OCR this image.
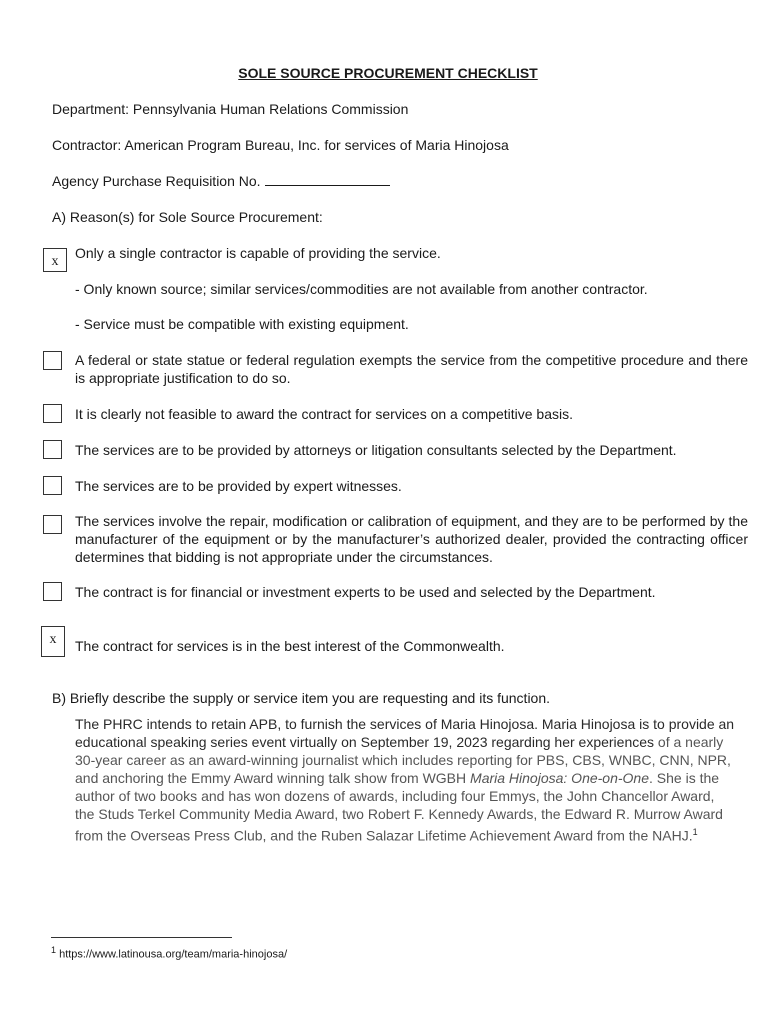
SOLE SOURCE PROCUREMENT CHECKLIST
Department: Pennsylvania Human Relations Commission
Contractor: American Program Bureau, Inc. for services of Maria Hinojosa
Agency Purchase Requisition No.
A) Reason(s) for Sole Source Procurement:
x
Only a single contractor is capable of providing the service.
- Only known source; similar services/commodities are not available from another contractor.
- Service must be compatible with existing equipment.
A federal or state statue or federal regulation exempts the service from the competitive procedure and there is appropriate justification to do so.
It is clearly not feasible to award the contract for services on a competitive basis.
The services are to be provided by attorneys or litigation consultants selected by the Department.
The services are to be provided by expert witnesses.
The services involve the repair, modification or calibration of equipment, and they are to be performed by the manufacturer of the equipment or by the manufacturer’s authorized dealer, provided the contracting officer determines that bidding is not appropriate under the circumstances.
The contract is for financial or investment experts to be used and selected by the Department.
x	The contract for services is in the best interest of the Commonwealth.
B) Briefly describe the supply or service item you are requesting and its function.
The PHRC intends to retain APB, to furnish the services of Maria Hinojosa. Maria Hinojosa is to provide an educational speaking series event virtually on September 19, 2023 regarding her experiences of a nearly 30-year career as an award-winning journalist which includes reporting for PBS, CBS, WNBC, CNN, NPR, and anchoring the Emmy Award winning talk show from WGBH Maria Hinojosa: One-on-One. She is the author of two books and has won dozens of awards, including four Emmys, the John Chancellor Award, the Studs Terkel Community Media Award, two Robert F. Kennedy Awards, the Edward R. Murrow Award from the Overseas Press Club, and the Ruben Salazar Lifetime Achievement Award from the NAHJ.$^1$
$^1$ https://www.latinousa.org/team/maria-hinojosa/
